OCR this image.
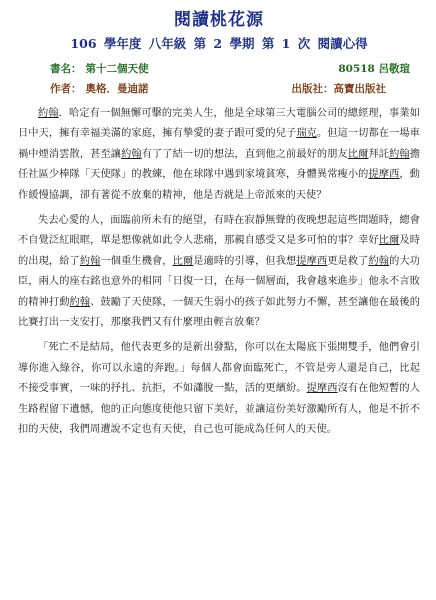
閱讀桃花源
106 學年度 八年級 第 2 學期 第 1 次 閱讀心得
書名： 第十二個天使	80518 呂敬瑄
作者： 奧格．曼迪諾	出版社：高寶出版社

約翰．哈定有一個無懈可擊的完美人生，他是全球第三大電腦公司的總經理，事業如日中天，擁有幸福美滿的家庭，擁有摯愛的妻子跟可愛的兒子瑞克。但這一切都在一場車禍中煙消雲散，甚至讓約翰有了了結一切的想法，直到他之前最好的朋友比爾拜託約翰擔任社區少棒隊「天使隊」的教練，他在球隊中遇到家境貧寒，身體異常瘦小的提摩西，動作緩慢協調，卻有著從不放棄的精神，他是否就是上帝派來的天使？

失去心愛的人，面臨前所未有的絕望，有時在寂靜無聲的夜晚想起這些問題時，總會不自覺泛紅眼眶，單是想像就如此令人悲痛，那親自感受又是多可怕的事？幸好比爾及時的出現，給了約翰一個重生機會，比爾是適時的引導，但我想提摩西更是救了約翰的大功臣，兩人的座右銘也意外的相同「日復一日，在每一個層面，我會越來進步」他永不言敗的精神打動約翰、鼓勵了天使隊，一個天生弱小的孩子如此努力不懈，甚至讓他在最後的比賽打出一支安打，那麼我們又有什麼理由輕言放棄？

「死亡不是結局，他代表更多的是新出發點，你可以在太陽底下張開雙手，他們會引導你進入綠谷，你可以永遠的奔跑。」每個人都會面臨死亡，不管是旁人還是自己，比起不接受事實，一味的抒扎、抗拒，不如瀟脫一點，活的更繽紛。提摩西沒有在他短暫的人生路程留下遺憾，他的正向態度使他只留下美好，並讓這份美好激勵所有人，他是不折不扣的天使，我們周遭說不定也有天使，自己也可能成為任何人的天使。
